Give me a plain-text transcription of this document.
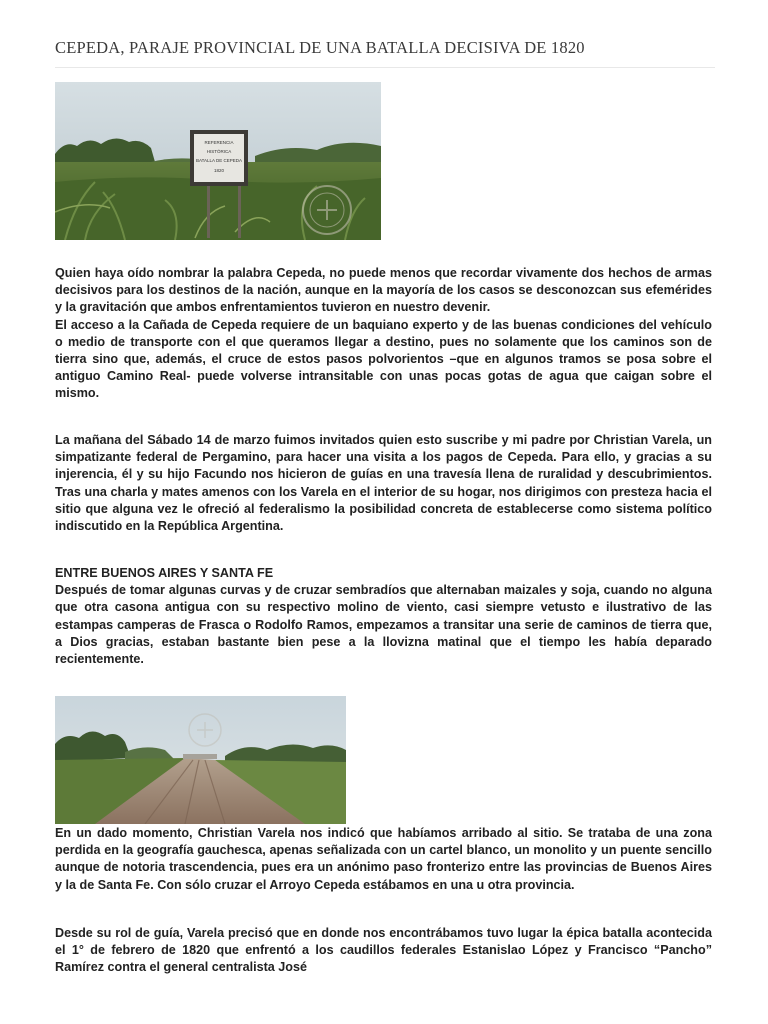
CEPEDA, PARAJE PROVINCIAL DE UNA BATALLA DECISIVA DE 1820
REFERENCIA
HISTÓRICA
BATALLA DE CEPEDA
1820

Quien haya oído nombrar la palabra Cepeda, no puede menos que recordar vivamente dos hechos de armas decisivos para los destinos de la nación, aunque en la mayoría de los casos se desconozcan sus efemérides y la gravitación que ambos enfrentamientos tuvieron en nuestro devenir.

El acceso a la Cañada de Cepeda requiere de un baquiano experto y de las buenas condiciones del vehículo o medio de transporte con el que queramos llegar a destino, pues no solamente que los caminos son de tierra sino que, además, el cruce de estos pasos polvorientos –que en algunos tramos se posa sobre el antiguo Camino Real- puede volverse intransitable con unas pocas gotas de agua que caigan sobre el mismo.

La mañana del Sábado 14 de marzo fuimos invitados quien esto suscribe y mi padre por Christian Varela, un simpatizante federal de Pergamino, para hacer una visita a los pagos de Cepeda. Para ello, y gracias a su injerencia, él y su hijo Facundo nos hicieron de guías en una travesía llena de ruralidad y descubrimientos. Tras una charla y mates amenos con los Varela en el interior de su hogar, nos dirigimos con presteza hacia el sitio que alguna vez le ofreció al federalismo la posibilidad concreta de establecerse como sistema político indiscutido en la República Argentina.

ENTRE BUENOS AIRES Y SANTA FE

Después de tomar algunas curvas y de cruzar sembradíos que alternaban maizales y soja, cuando no alguna que otra casona antigua con su respectivo molino de viento, casi siempre vetusto e ilustrativo de las estampas camperas de Frasca o Rodolfo Ramos, empezamos a transitar una serie de caminos de tierra que, a Dios gracias, estaban bastante bien pese a la llovizna matinal que el tiempo les había deparado recientemente.

En un dado momento, Christian Varela nos indicó que habíamos arribado al sitio. Se trataba de una zona perdida en la geografía gauchesca, apenas señalizada con un cartel blanco, un monolito y un puente sencillo aunque de notoria trascendencia, pues era un anónimo paso fronterizo entre las provincias de Buenos Aires y la de Santa Fe. Con sólo cruzar el Arroyo Cepeda estábamos en una u otra provincia.

Desde su rol de guía, Varela precisó que en donde nos encontrábamos tuvo lugar la épica batalla acontecida el 1° de febrero de 1820 que enfrentó a los caudillos federales Estanislao López y Francisco “Pancho” Ramírez contra el general centralista José
